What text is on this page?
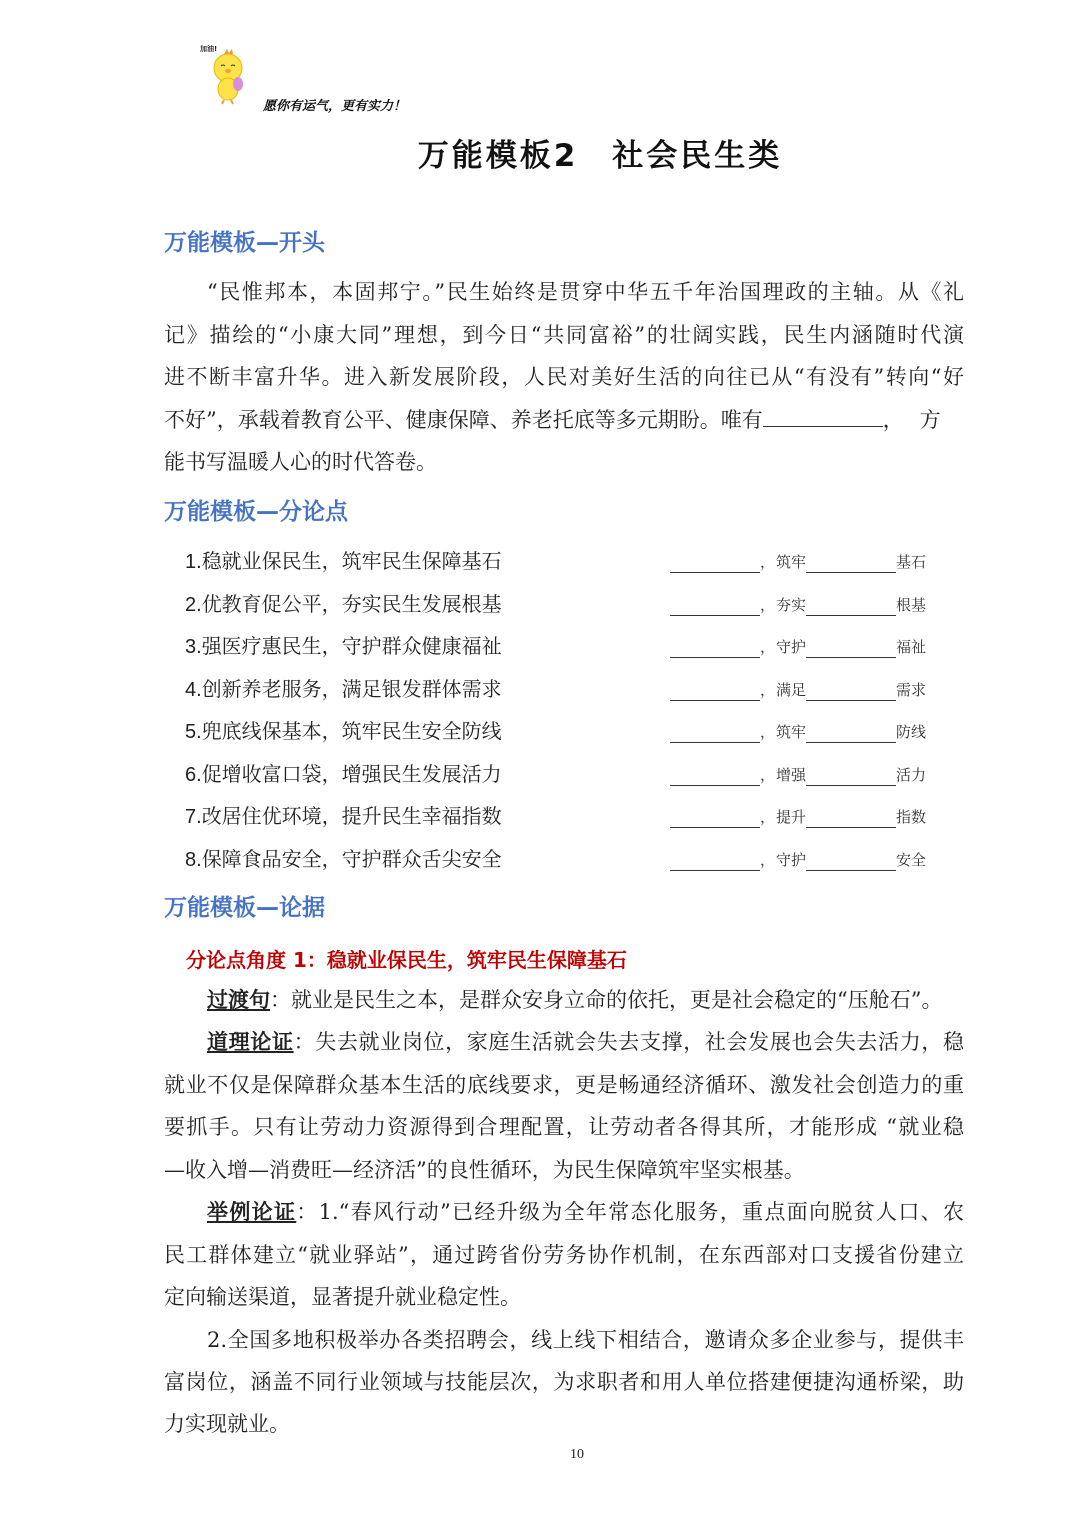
加油!
愿你有运气，更有实力！
万能模板2　社会民生类
万能模板—开头
“民惟邦本，本固邦宁。”民生始终是贯穿中华五千年治国理政的主轴。从《礼
记》描绘的“小康大同”理想，到今日“共同富裕”的壮阔实践，民生内涵随时代演
进不断丰富升华。进入新发展阶段，人民对美好生活的向往已从“有没有”转向“好
不好”，承载着教育公平、健康保障、养老托底等多元期盼。唯有	，方
能书写温暖人心的时代答卷。
万能模板—分论点
1.稳就业保民生，筑牢民生保障基石	， 筑牢	基石
2.优教育促公平，夯实民生发展根基	， 夯实	根基
3.强医疗惠民生，守护群众健康福祉	， 守护	福祉
4.创新养老服务，满足银发群体需求	， 满足	需求
5.兜底线保基本，筑牢民生安全防线	， 筑牢	防线
6.促增收富口袋，增强民生发展活力	， 增强	活力
7.改居住优环境，提升民生幸福指数	， 提升	指数
8.保障食品安全，守护群众舌尖安全	， 守护	安全
万能模板—论据
分论点角度 1：稳就业保民生，筑牢民生保障基石
过渡句：就业是民生之本，是群众安身立命的依托，更是社会稳定的“压舱石”。
道理论证：失去就业岗位，家庭生活就会失去支撑，社会发展也会失去活力，稳
就业不仅是保障群众基本生活的底线要求，更是畅通经济循环、激发社会创造力的重
要抓手。只有让劳动力资源得到合理配置，让劳动者各得其所，才能形成 “就业稳
—收入增—消费旺—经济活”的良性循环，为民生保障筑牢坚实根基。
举例论证：1.“春风行动”已经升级为全年常态化服务，重点面向脱贫人口、农
民工群体建立“就业驿站”，通过跨省份劳务协作机制，在东西部对口支援省份建立
定向输送渠道，显著提升就业稳定性。
2.全国多地积极举办各类招聘会，线上线下相结合，邀请众多企业参与，提供丰
富岗位，涵盖不同行业领域与技能层次，为求职者和用人单位搭建便捷沟通桥梁，助
力实现就业。
10
